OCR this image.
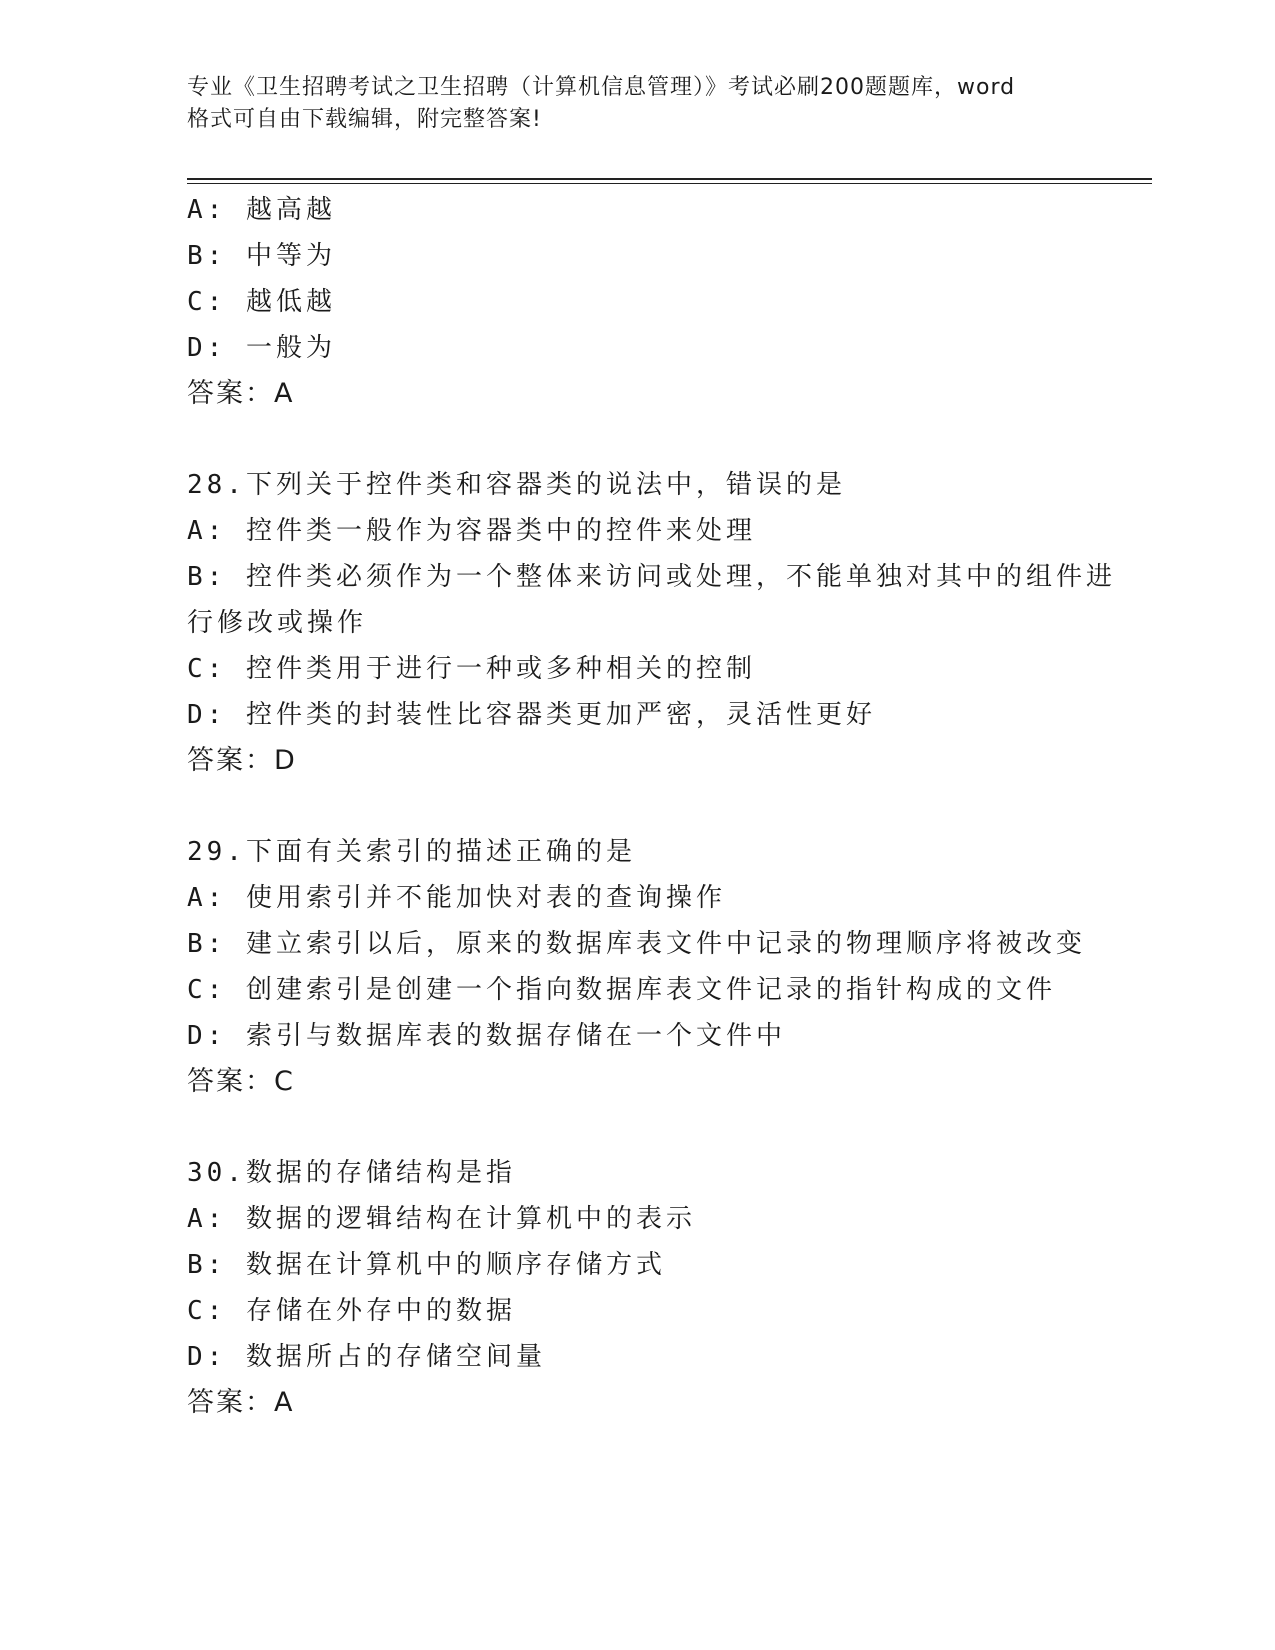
专业《卫生招聘考试之卫生招聘（计算机信息管理）》考试必刷200题题库，word
格式可自由下载编辑，附完整答案!
A: 越高越
B: 中等为
C: 越低越
D: 一般为
答案：A
28.下列关于控件类和容器类的说法中，错误的是
A: 控件类一般作为容器类中的控件来处理
B: 控件类必须作为一个整体来访问或处理，不能单独对其中的组件进
行修改或操作
C: 控件类用于进行一种或多种相关的控制
D: 控件类的封装性比容器类更加严密，灵活性更好
答案：D
29.下面有关索引的描述正确的是
A: 使用索引并不能加快对表的查询操作
B: 建立索引以后，原来的数据库表文件中记录的物理顺序将被改变
C: 创建索引是创建一个指向数据库表文件记录的指针构成的文件
D: 索引与数据库表的数据存储在一个文件中
答案：C
30.数据的存储结构是指
A: 数据的逻辑结构在计算机中的表示
B: 数据在计算机中的顺序存储方式
C: 存储在外存中的数据
D: 数据所占的存储空间量
答案：A
